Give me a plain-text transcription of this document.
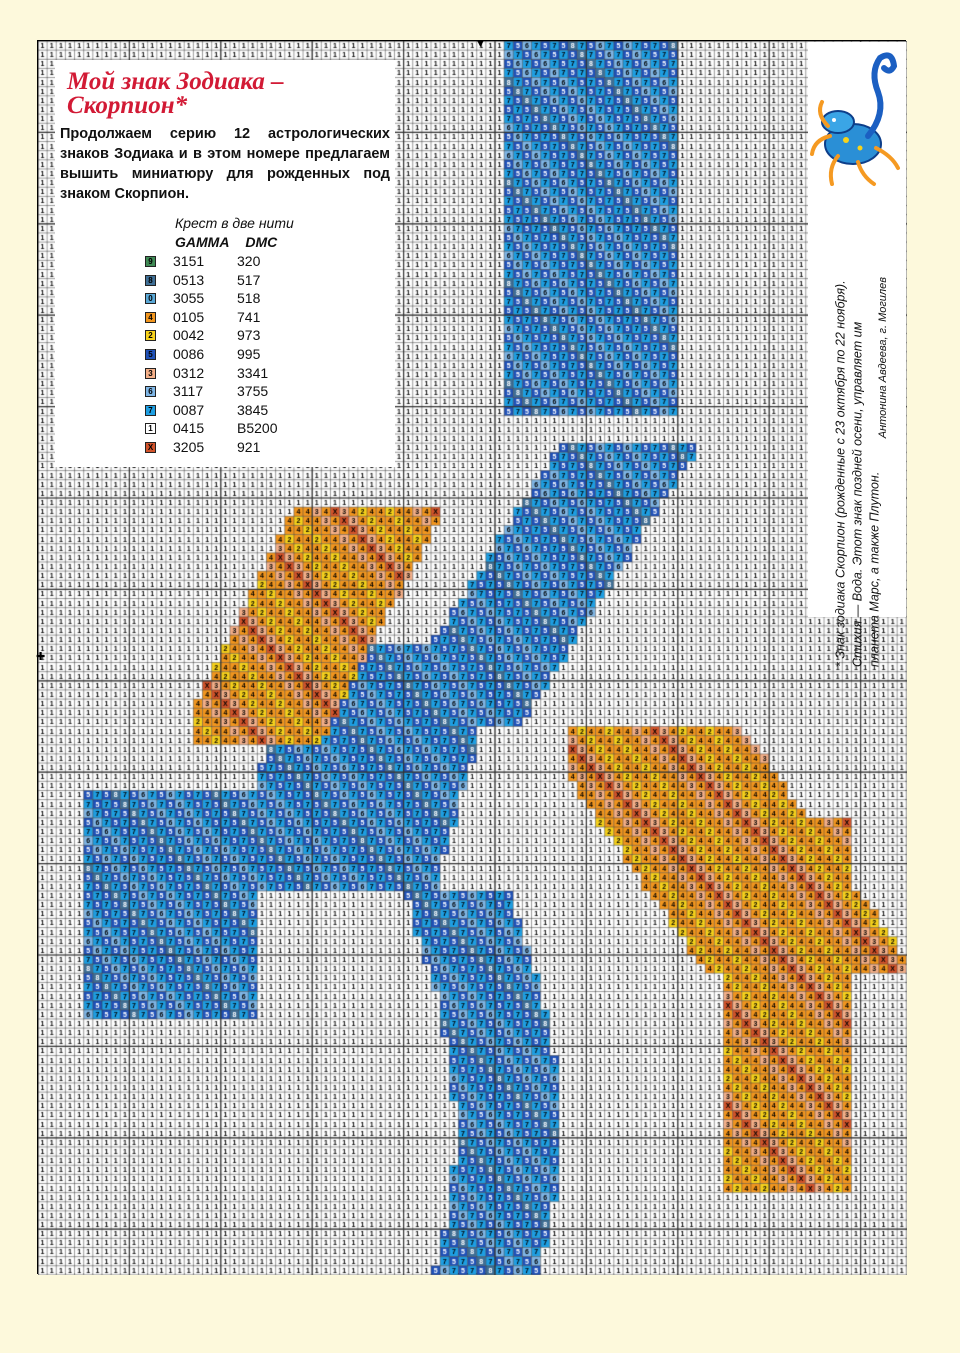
▼
✚
Мой знак Зодиака – Скорпион*

Продолжаем серию 12 астрологических знаков Зодиака и в этом номере предлагаем вышить миниатюру для рожденных под знаком Скорпион.

Крест в две нити
GAMMA DMC
9 3151 320
8 0513 517
0 3055 518
4 0105 741
2 0042 973
5 0086 995
3 0312 3341
6 3117 3755
7 0087 3845
1 0415 B5200
X 3205 921	* Знак зодиака Скорпион (рожденные с 23 октября по 22 ноября). Стихия — Вода. Этот знак поздней осени, управляет им планета Марс, а также Плутон.

Антонина Авдеева, г. Могилев
